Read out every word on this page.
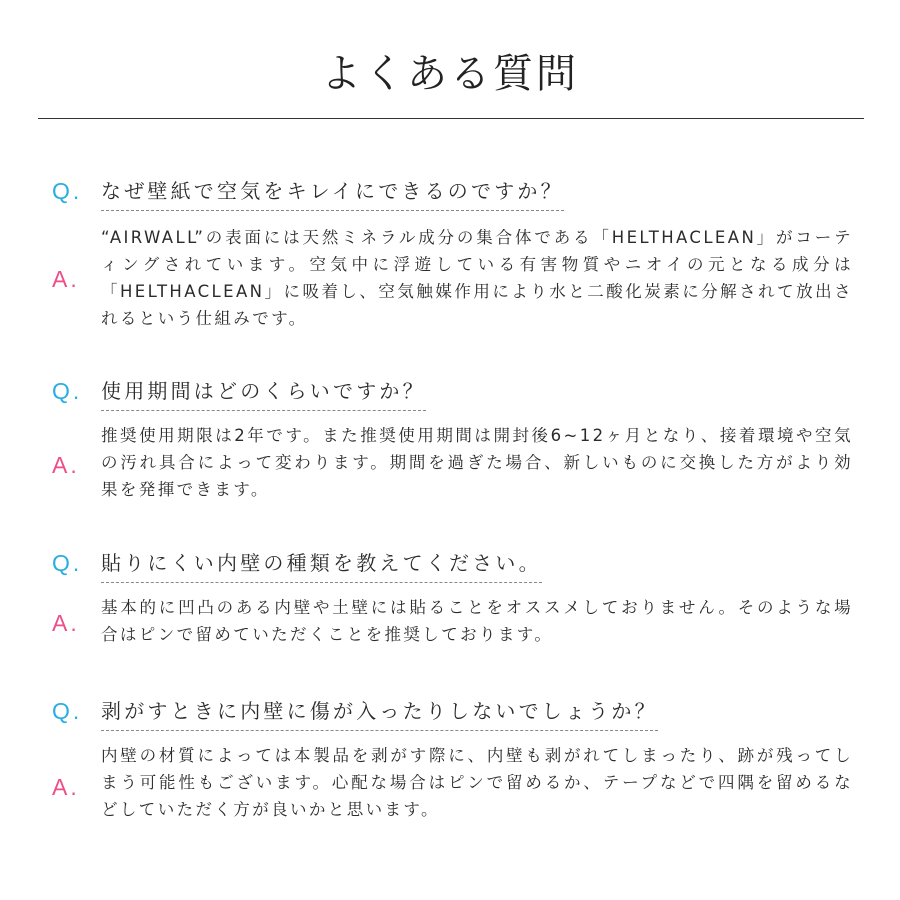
よくある質問
Q. なぜ壁紙で空気をキレイにできるのですか？
A.

“AIRWALL”の表面には天然ミネラル成分の集合体である「HELTHACLEAN」がコーティングされています。空気中に浮遊している有害物質やニオイの元となる成分は「HELTHACLEAN」に吸着し、空気触媒作用により水と二酸化炭素に分解されて放出されるという仕組みです。

Q. 使用期間はどのくらいですか？
A.

推奨使用期限は2年です。また推奨使用期間は開封後6~12ヶ月となり、接着環境や空気の汚れ具合によって変わります。期間を過ぎた場合、新しいものに交換した方がより効果を発揮できます。

Q. 貼りにくい内壁の種類を教えてください。
A.

基本的に凹凸のある内壁や土壁には貼ることをオススメしておりません。そのような場合はピンで留めていただくことを推奨しております。

Q. 剥がすときに内壁に傷が入ったりしないでしょうか？
A.

内壁の材質によっては本製品を剥がす際に、内壁も剥がれてしまったり、跡が残ってしまう可能性もございます。心配な場合はピンで留めるか、テープなどで四隅を留めるなどしていただく方が良いかと思います。
